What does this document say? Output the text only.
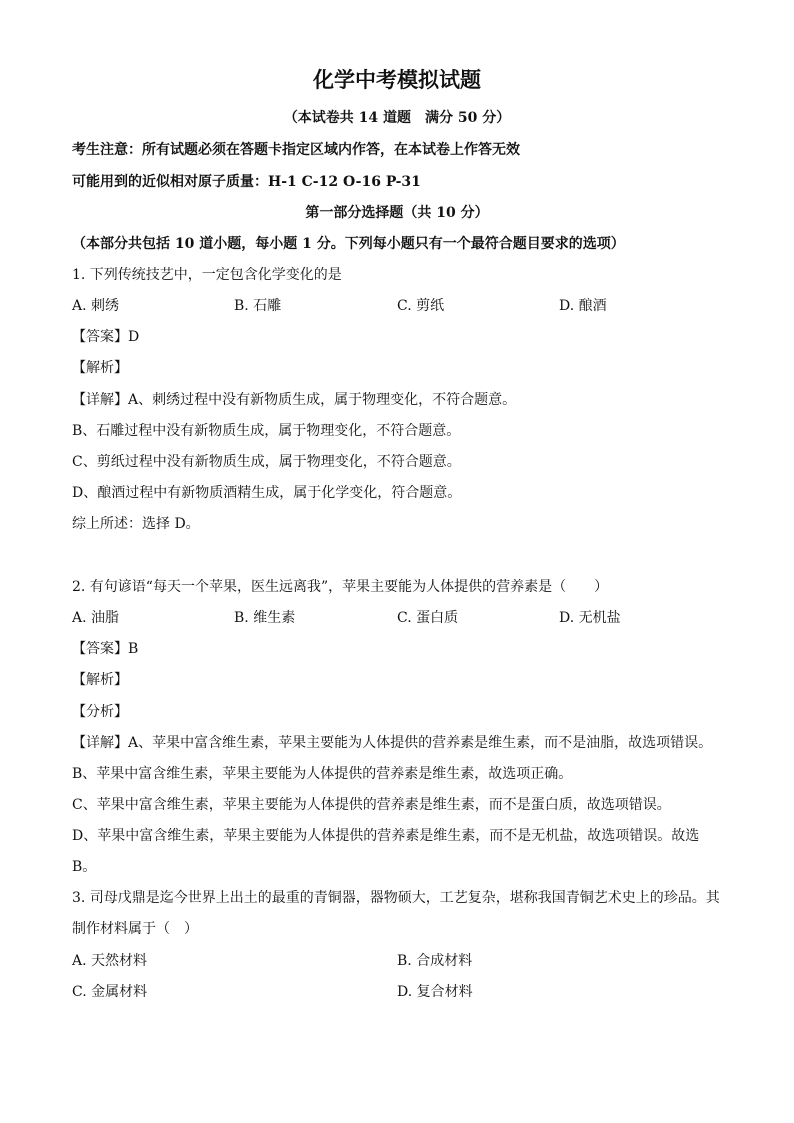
化学中考模拟试题
（本试卷共 14 道题　满分 50 分）
考生注意：所有试题必须在答题卡指定区域内作答，在本试卷上作答无效
可能用到的近似相对原子质量：H-1 C-12 O-16 P-31
第一部分选择题（共 10 分）
（本部分共包括 10 道小题，每小题 1 分。下列每小题只有一个最符合题目要求的选项）
1. 下列传统技艺中，一定包含化学变化的是
A. 刺绣	B. 石雕	C. 剪纸	D. 酿酒
【答案】D
【解析】
【详解】A、刺绣过程中没有新物质生成，属于物理变化，不符合题意。
B、石雕过程中没有新物质生成，属于物理变化，不符合题意。
C、剪纸过程中没有新物质生成，属于物理变化，不符合题意。
D、酿酒过程中有新物质酒精生成，属于化学变化，符合题意。
综上所述：选择 D。
2. 有句谚语“每天一个苹果，医生远离我”，苹果主要能为人体提供的营养素是（　　）
A. 油脂	B. 维生素	C. 蛋白质	D. 无机盐
【答案】B
【解析】
【分析】
【详解】A、苹果中富含维生素，苹果主要能为人体提供的营养素是维生素，而不是油脂，故选项错误。
B、苹果中富含维生素，苹果主要能为人体提供的营养素是维生素，故选项正确。
C、苹果中富含维生素，苹果主要能为人体提供的营养素是维生素，而不是蛋白质，故选项错误。
D、苹果中富含维生素，苹果主要能为人体提供的营养素是维生素，而不是无机盐，故选项错误。故选
B。
3. 司母戊鼎是迄今世界上出土的最重的青铜器，器物硕大，工艺复杂，堪称我国青铜艺术史上的珍品。其
制作材料属于（　）
A. 天然材料	B. 合成材料
C. 金属材料	D. 复合材料
